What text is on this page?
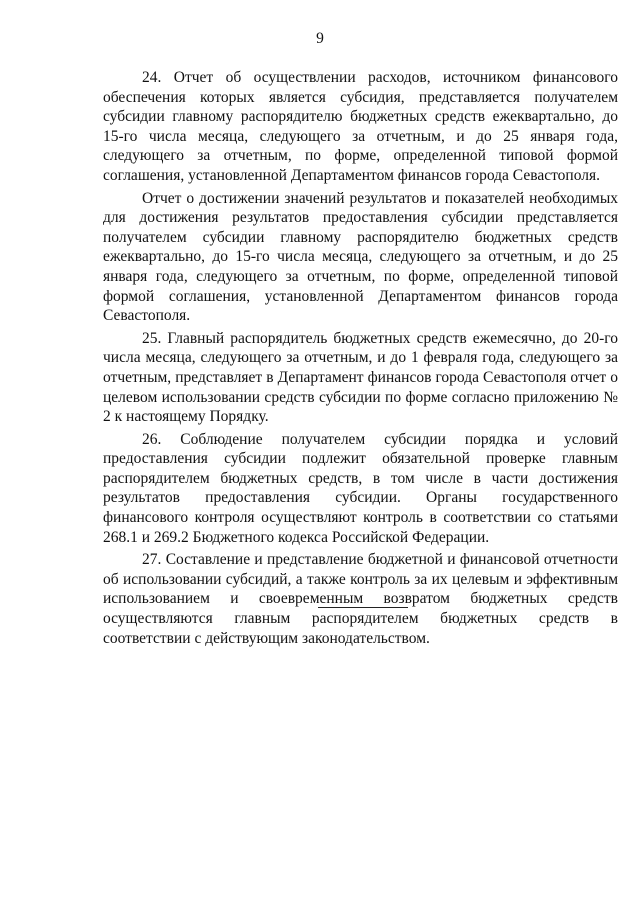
9

24. Отчет об осуществлении расходов, источником финансового обеспечения которых является субсидия, представляется получателем субсидии главному распорядителю бюджетных средств ежеквартально, до 15-го числа месяца, следующего за отчетным, и до 25 января года, следующего за отчетным, по форме, определенной типовой формой соглашения, установленной Департаментом финансов города Севастополя.

Отчет о достижении значений результатов и показателей необходимых для достижения результатов предоставления субсидии представляется получателем субсидии главному распорядителю бюджетных средств ежеквартально, до 15-го числа месяца, следующего за отчетным, и до 25 января года, следующего за отчетным, по форме, определенной типовой формой соглашения, установленной Департаментом финансов города Севастополя.

25. Главный распорядитель бюджетных средств ежемесячно, до 20-го числа месяца, следующего за отчетным, и до 1 февраля года, следующего за отчетным, представляет в Департамент финансов города Севастополя отчет о целевом использовании средств субсидии по форме согласно приложению № 2 к настоящему Порядку.

26. Соблюдение получателем субсидии порядка и условий предоставления субсидии подлежит обязательной проверке главным распорядителем бюджетных средств, в том числе в части достижения результатов предоставления субсидии. Органы государственного финансового контроля осуществляют контроль в соответствии со статьями 268.1 и 269.2 Бюджетного кодекса Российской Федерации.

27. Составление и представление бюджетной и финансовой отчетности об использовании субсидий, а также контроль за их целевым и эффективным использованием и своевременным возвратом бюджетных средств осуществляются главным распорядителем бюджетных средств в соответствии с действующим законодательством.
